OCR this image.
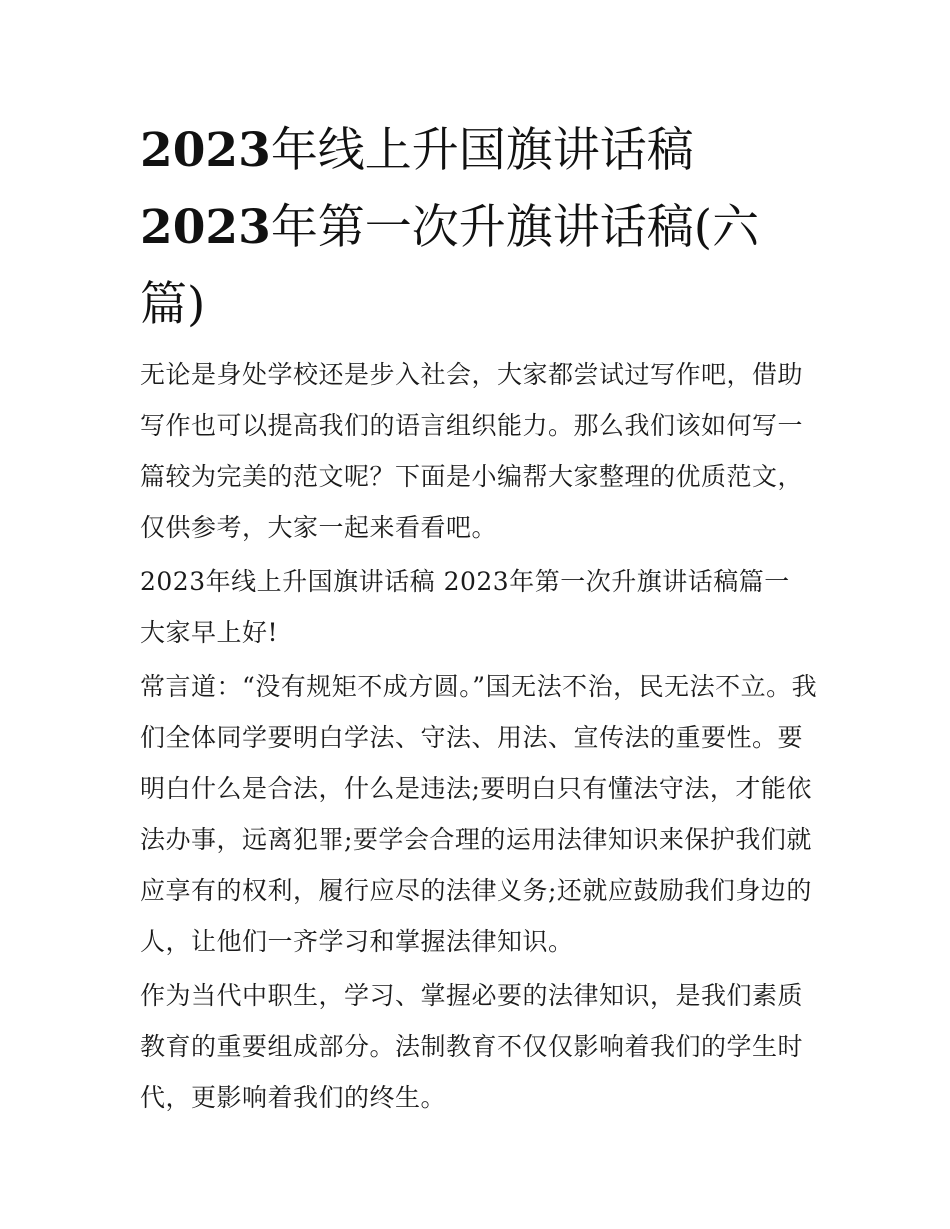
2023年线上升国旗讲话稿
2023年第一次升旗讲话稿(六
篇)

无论是身处学校还是步入社会，大家都尝试过写作吧，借助写作也可以提高我们的语言组织能力。那么我们该如何写一篇较为完美的范文呢？下面是小编帮大家整理的优质范文，仅供参考，大家一起来看看吧。

2023年线上升国旗讲话稿 2023年第一次升旗讲话稿篇一 大家早上好!

常言道：“没有规矩不成方圆。”国无法不治，民无法不立。我们全体同学要明白学法、守法、用法、宣传法的重要性。要明白什么是合法，什么是违法;要明白只有懂法守法，才能依法办事，远离犯罪;要学会合理的运用法律知识来保护我们就应享有的权利，履行应尽的法律义务;还就应鼓励我们身边的人，让他们一齐学习和掌握法律知识。

作为当代中职生，学习、掌握必要的法律知识，是我们素质教育的重要组成部分。法制教育不仅仅影响着我们的学生时代，更影响着我们的终生。
